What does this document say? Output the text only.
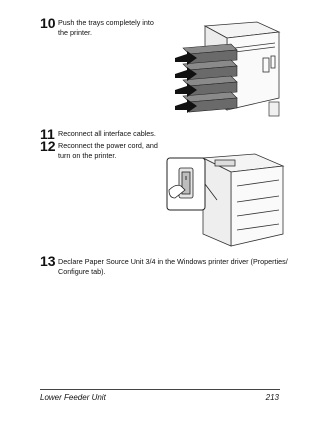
10 Push the trays completely into
the printer.
11 Reconnect all interface cables.
12 Reconnect the power cord, and
turn on the printer.
13 Declare Paper Source Unit 3/4 in the Windows printer driver (Properties/
Configure tab).
Lower Feeder Unit	213
